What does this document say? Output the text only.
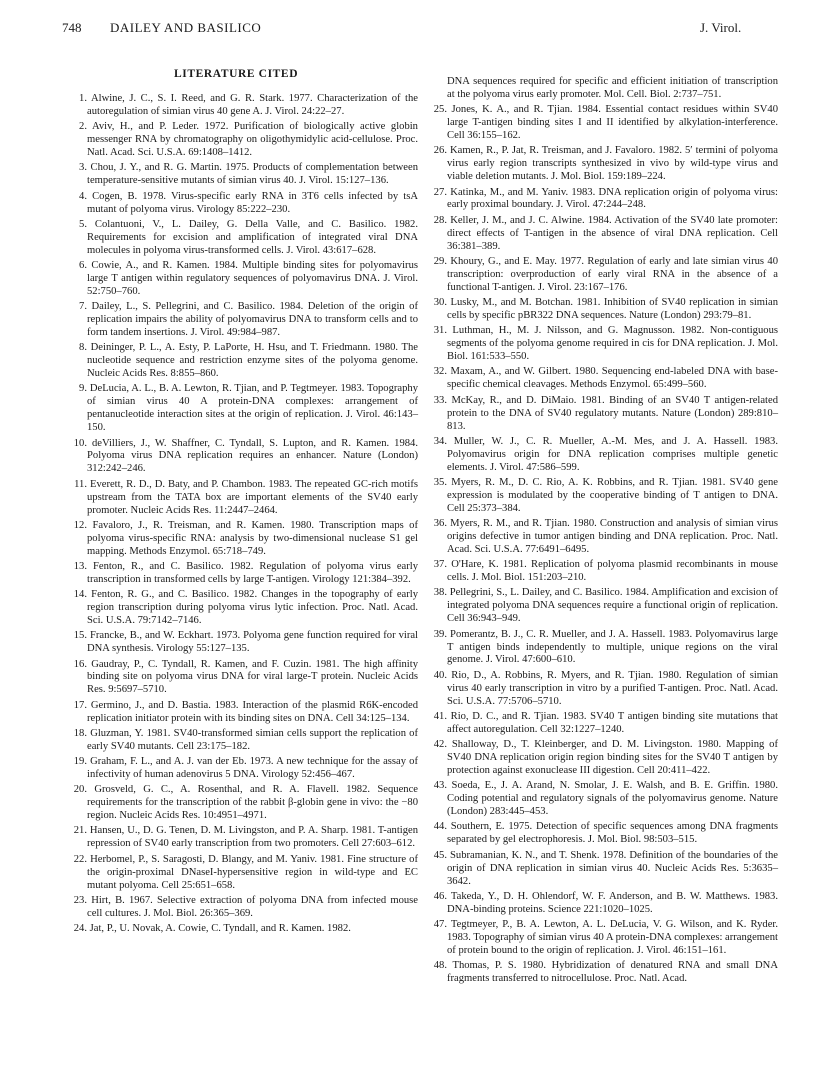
748 DAILEY AND BASILICO	J. Virol.
LITERATURE CITED

1. Alwine, J. C., S. I. Reed, and G. R. Stark. 1977. Characterization of the autoregulation of simian virus 40 gene A. J. Virol. 24:22–27.

2. Aviv, H., and P. Leder. 1972. Purification of biologically active globin messenger RNA by chromatography on oligothymidylic acid-cellulose. Proc. Natl. Acad. Sci. U.S.A. 69:1408–1412.

3. Chou, J. Y., and R. G. Martin. 1975. Products of complementation between temperature-sensitive mutants of simian virus 40. J. Virol. 15:127–136.

4. Cogen, B. 1978. Virus-specific early RNA in 3T6 cells infected by tsA mutant of polyoma virus. Virology 85:222–230.

5. Colantuoni, V., L. Dailey, G. Della Valle, and C. Basilico. 1982. Requirements for excision and amplification of integrated viral DNA molecules in polyoma virus-transformed cells. J. Virol. 43:617–628.

6. Cowie, A., and R. Kamen. 1984. Multiple binding sites for polyomavirus large T antigen within regulatory sequences of polyomavirus DNA. J. Virol. 52:750–760.

7. Dailey, L., S. Pellegrini, and C. Basilico. 1984. Deletion of the origin of replication impairs the ability of polyomavirus DNA to transform cells and to form tandem insertions. J. Virol. 49:984–987.

8. Deininger, P. L., A. Esty, P. LaPorte, H. Hsu, and T. Friedmann. 1980. The nucleotide sequence and restriction enzyme sites of the polyoma genome. Nucleic Acids Res. 8:855–860.

9. DeLucia, A. L., B. A. Lewton, R. Tjian, and P. Tegtmeyer. 1983. Topography of simian virus 40 A protein-DNA complexes: arrangement of pentanucleotide interaction sites at the origin of replication. J. Virol. 46:143–150.

10. deVilliers, J., W. Shaffner, C. Tyndall, S. Lupton, and R. Kamen. 1984. Polyoma virus DNA replication requires an enhancer. Nature (London) 312:242–246.

11. Everett, R. D., D. Baty, and P. Chambon. 1983. The repeated GC-rich motifs upstream from the TATA box are important elements of the SV40 early promoter. Nucleic Acids Res. 11:2447–2464.

12. Favaloro, J., R. Treisman, and R. Kamen. 1980. Transcription maps of polyoma virus-specific RNA: analysis by two-dimensional nuclease S1 gel mapping. Methods Enzymol. 65:718–749.

13. Fenton, R., and C. Basilico. 1982. Regulation of polyoma virus early transcription in transformed cells by large T-antigen. Virology 121:384–392.

14. Fenton, R. G., and C. Basilico. 1982. Changes in the topography of early region transcription during polyoma virus lytic infection. Proc. Natl. Acad. Sci. U.S.A. 79:7142–7146.

15. Francke, B., and W. Eckhart. 1973. Polyoma gene function required for viral DNA synthesis. Virology 55:127–135.

16. Gaudray, P., C. Tyndall, R. Kamen, and F. Cuzin. 1981. The high affinity binding site on polyoma virus DNA for viral large-T protein. Nucleic Acids Res. 9:5697–5710.

17. Germino, J., and D. Bastia. 1983. Interaction of the plasmid R6K-encoded replication initiator protein with its binding sites on DNA. Cell 34:125–134.

18. Gluzman, Y. 1981. SV40-transformed simian cells support the replication of early SV40 mutants. Cell 23:175–182.

19. Graham, F. L., and A. J. van der Eb. 1973. A new technique for the assay of infectivity of human adenovirus 5 DNA. Virology 52:456–467.

20. Grosveld, G. C., A. Rosenthal, and R. A. Flavell. 1982. Sequence requirements for the transcription of the rabbit β-globin gene in vivo: the −80 region. Nucleic Acids Res. 10:4951–4971.

21. Hansen, U., D. G. Tenen, D. M. Livingston, and P. A. Sharp. 1981. T-antigen repression of SV40 early transcription from two promoters. Cell 27:603–612.

22. Herbomel, P., S. Saragosti, D. Blangy, and M. Yaniv. 1981. Fine structure of the origin-proximal DNaseI-hypersensitive region in wild-type and EC mutant polyoma. Cell 25:651–658.

23. Hirt, B. 1967. Selective extraction of polyoma DNA from infected mouse cell cultures. J. Mol. Biol. 26:365–369.

24. Jat, P., U. Novak, A. Cowie, C. Tyndall, and R. Kamen. 1982.

DNA sequences required for specific and efficient initiation of transcription at the polyoma virus early promoter. Mol. Cell. Biol. 2:737–751.

25. Jones, K. A., and R. Tjian. 1984. Essential contact residues within SV40 large T-antigen binding sites I and II identified by alkylation-interference. Cell 36:155–162.

26. Kamen, R., P. Jat, R. Treisman, and J. Favaloro. 1982. 5′ termini of polyoma virus early region transcripts synthesized in vivo by wild-type virus and viable deletion mutants. J. Mol. Biol. 159:189–224.

27. Katinka, M., and M. Yaniv. 1983. DNA replication origin of polyoma virus: early proximal boundary. J. Virol. 47:244–248.

28. Keller, J. M., and J. C. Alwine. 1984. Activation of the SV40 late promoter: direct effects of T-antigen in the absence of viral DNA replication. Cell 36:381–389.

29. Khoury, G., and E. May. 1977. Regulation of early and late simian virus 40 transcription: overproduction of early viral RNA in the absence of a functional T-antigen. J. Virol. 23:167–176.

30. Lusky, M., and M. Botchan. 1981. Inhibition of SV40 replication in simian cells by specific pBR322 DNA sequences. Nature (London) 293:79–81.

31. Luthman, H., M. J. Nilsson, and G. Magnusson. 1982. Non-contiguous segments of the polyoma genome required in cis for DNA replication. J. Mol. Biol. 161:533–550.

32. Maxam, A., and W. Gilbert. 1980. Sequencing end-labeled DNA with base-specific chemical cleavages. Methods Enzymol. 65:499–560.

33. McKay, R., and D. DiMaio. 1981. Binding of an SV40 T antigen-related protein to the DNA of SV40 regulatory mutants. Nature (London) 289:810–813.

34. Muller, W. J., C. R. Mueller, A.-M. Mes, and J. A. Hassell. 1983. Polyomavirus origin for DNA replication comprises multiple genetic elements. J. Virol. 47:586–599.

35. Myers, R. M., D. C. Rio, A. K. Robbins, and R. Tjian. 1981. SV40 gene expression is modulated by the cooperative binding of T antigen to DNA. Cell 25:373–384.

36. Myers, R. M., and R. Tjian. 1980. Construction and analysis of simian virus origins defective in tumor antigen binding and DNA replication. Proc. Natl. Acad. Sci. U.S.A. 77:6491–6495.

37. O'Hare, K. 1981. Replication of polyoma plasmid recombinants in mouse cells. J. Mol. Biol. 151:203–210.

38. Pellegrini, S., L. Dailey, and C. Basilico. 1984. Amplification and excision of integrated polyoma DNA sequences require a functional origin of replication. Cell 36:943–949.

39. Pomerantz, B. J., C. R. Mueller, and J. A. Hassell. 1983. Polyomavirus large T antigen binds independently to multiple, unique regions on the viral genome. J. Virol. 47:600–610.

40. Rio, D., A. Robbins, R. Myers, and R. Tjian. 1980. Regulation of simian virus 40 early transcription in vitro by a purified T-antigen. Proc. Natl. Acad. Sci. U.S.A. 77:5706–5710.

41. Rio, D. C., and R. Tjian. 1983. SV40 T antigen binding site mutations that affect autoregulation. Cell 32:1227–1240.

42. Shalloway, D., T. Kleinberger, and D. M. Livingston. 1980. Mapping of SV40 DNA replication origin region binding sites for the SV40 T antigen by protection against exonuclease III digestion. Cell 20:411–422.

43. Soeda, E., J. A. Arand, N. Smolar, J. E. Walsh, and B. E. Griffin. 1980. Coding potential and regulatory signals of the polyomavirus genome. Nature (London) 283:445–453.

44. Southern, E. 1975. Detection of specific sequences among DNA fragments separated by gel electrophoresis. J. Mol. Biol. 98:503–515.

45. Subramanian, K. N., and T. Shenk. 1978. Definition of the boundaries of the origin of DNA replication in simian virus 40. Nucleic Acids Res. 5:3635–3642.

46. Takeda, Y., D. H. Ohlendorf, W. F. Anderson, and B. W. Matthews. 1983. DNA-binding proteins. Science 221:1020–1025.

47. Tegtmeyer, P., B. A. Lewton, A. L. DeLucia, V. G. Wilson, and K. Ryder. 1983. Topography of simian virus 40 A protein-DNA complexes: arrangement of protein bound to the origin of replication. J. Virol. 46:151–161.

48. Thomas, P. S. 1980. Hybridization of denatured RNA and small DNA fragments transferred to nitrocellulose. Proc. Natl. Acad.
